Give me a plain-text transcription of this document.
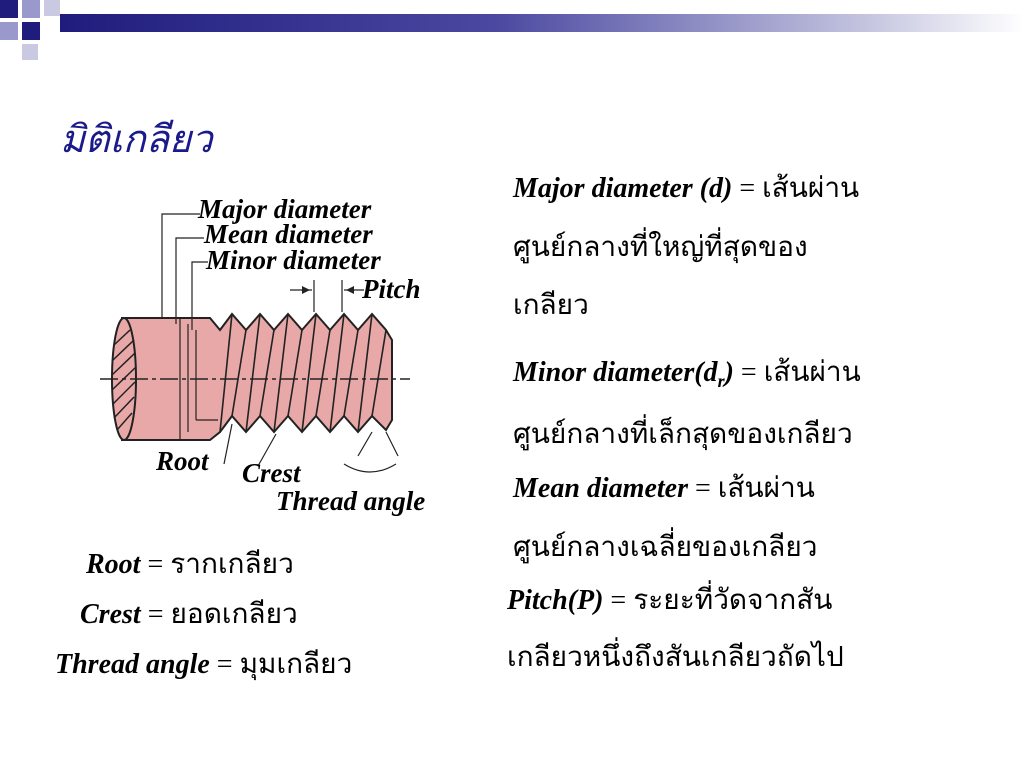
มิติเกลียว
Major diameter
Mean diameter
Minor diameter
Pitch
Root Crest
Thread angle
Root = รากเกลียว
Crest = ยอดเกลียว
Thread angle = มุมเกลียว
Major diameter (d) = เส้นผ่าน
ศูนย์กลางที่ใหญ่ที่สุดของ
เกลียว
Minor $diameter(d_r)$ = เส้นผ่าน
ศูนย์กลางที่เล็กสุดของเกลียว
Mean diameter = เส้นผ่าน
ศูนย์กลางเฉลี่ยของเกลียว
Pitch(P) = ระยะที่วัดจากสัน
เกลียวหนึ่งถึงสันเกลียวถัดไป
